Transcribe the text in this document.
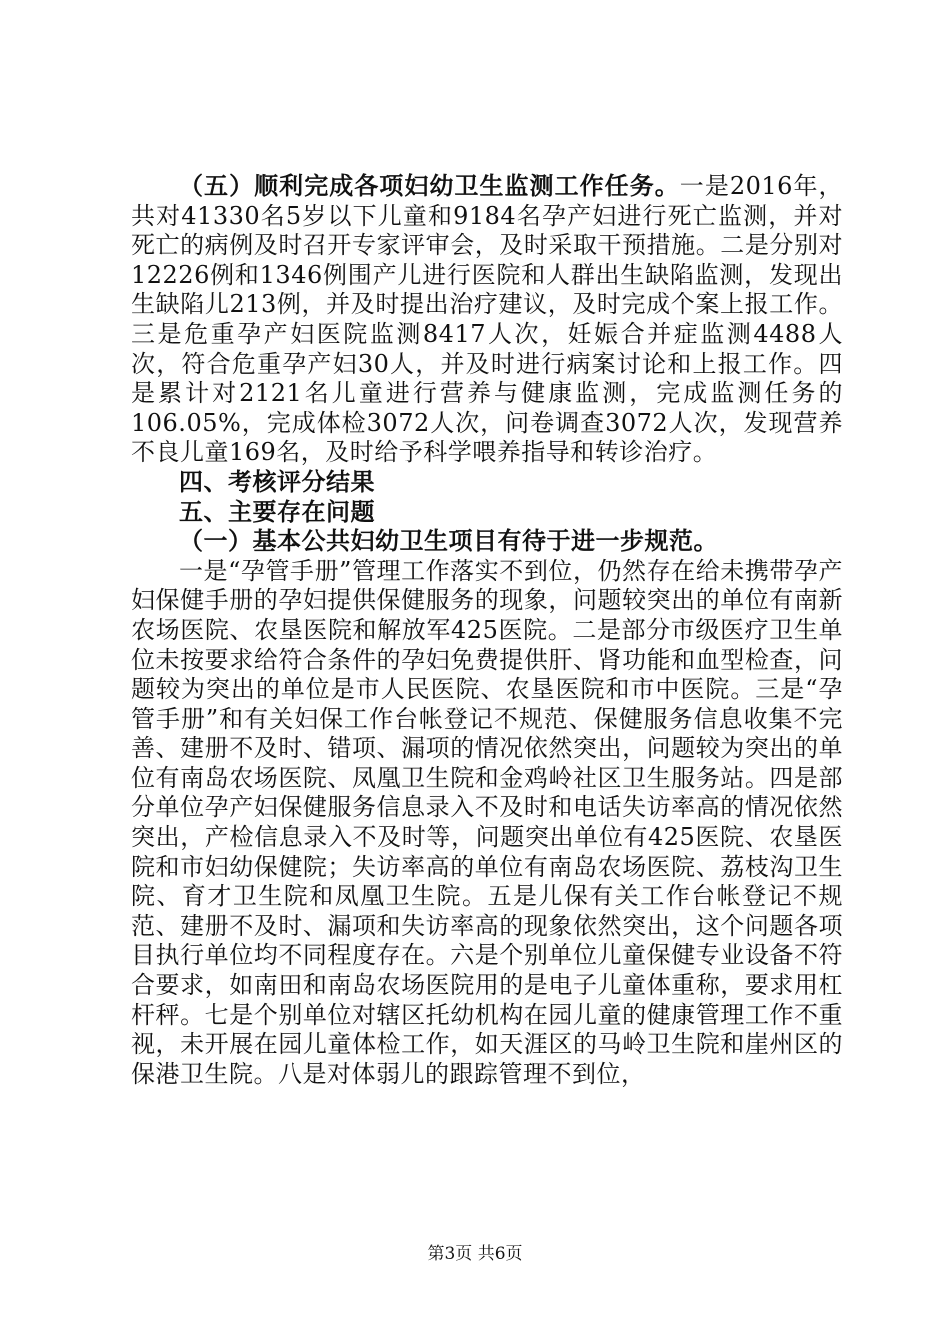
（五）顺利完成各项妇幼卫生监测工作任务。一是2016年，共对41330名5岁以下儿童和9184名孕产妇进行死亡监测，并对死亡的病例及时召开专家评审会，及时采取干预措施。二是分别对12226例和1346例围产儿进行医院和人群出生缺陷监测，发现出生缺陷儿213例，并及时提出治疗建议，及时完成个案上报工作。三是危重孕产妇医院监测8417人次，妊娠合并症监测4488人次，符合危重孕产妇30人，并及时进行病案讨论和上报工作。四是累计对2121名儿童进行营养与健康监测，完成监测任务的106.05%，完成体检3072人次，问卷调查3072人次，发现营养不良儿童169名，及时给予科学喂养指导和转诊治疗。

四、考核评分结果

五、主要存在问题

（一）基本公共妇幼卫生项目有待于进一步规范。

一是“孕管手册”管理工作落实不到位，仍然存在给未携带孕产妇保健手册的孕妇提供保健服务的现象，问题较突出的单位有南新农场医院、农垦医院和解放军425医院。二是部分市级医疗卫生单位未按要求给符合条件的孕妇免费提供肝、肾功能和血型检查，问题较为突出的单位是市人民医院、农垦医院和市中医院。三是“孕管手册”和有关妇保工作台帐登记不规范、保健服务信息收集不完善、建册不及时、错项、漏项的情况依然突出，问题较为突出的单位有南岛农场医院、凤凰卫生院和金鸡岭社区卫生服务站。四是部分单位孕产妇保健服务信息录入不及时和电话失访率高的情况依然突出，产检信息录入不及时等，问题突出单位有425医院、农垦医院和市妇幼保健院；失访率高的单位有南岛农场医院、荔枝沟卫生院、育才卫生院和凤凰卫生院。五是儿保有关工作台帐登记不规范、建册不及时、漏项和失访率高的现象依然突出，这个问题各项目执行单位均不同程度存在。六是个别单位儿童保健专业设备不符合要求，如南田和南岛农场医院用的是电子儿童体重称，要求用杠杆秤。七是个别单位对辖区托幼机构在园儿童的健康管理工作不重视，未开展在园儿童体检工作，如天涯区的马岭卫生院和崖州区的保港卫生院。八是对体弱儿的跟踪管理不到位，

第3页 共6页
